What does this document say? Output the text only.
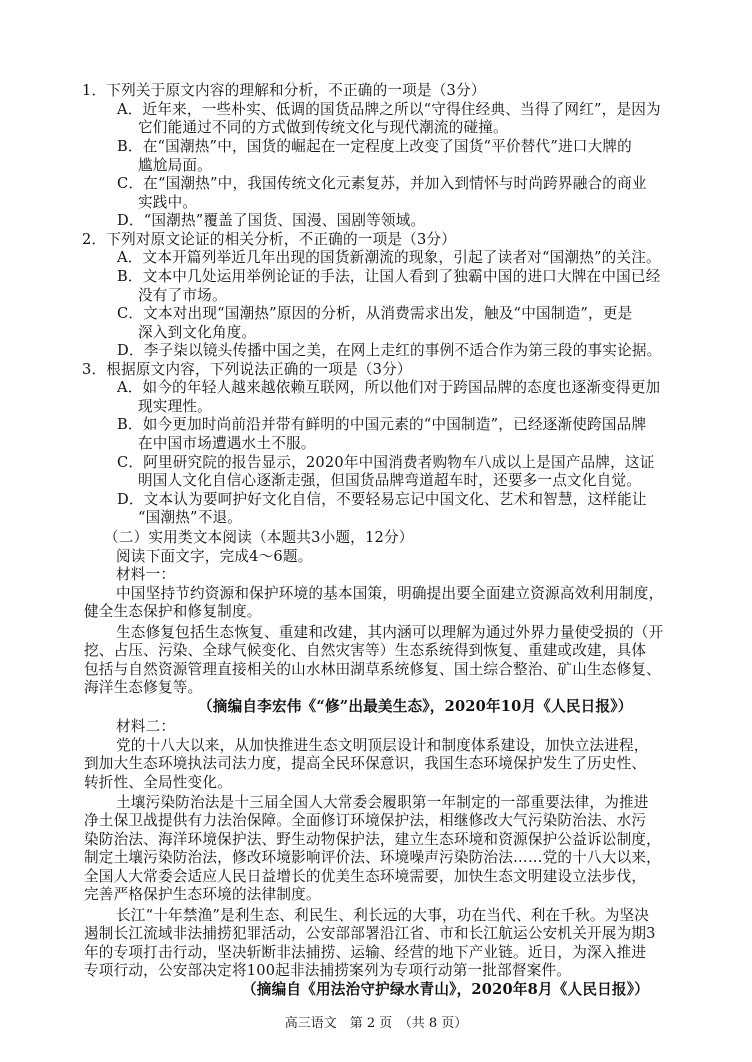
1．下列关于原文内容的理解和分析，不正确的一项是（3分）
A．近年来，一些朴实、低调的国货品牌之所以“守得住经典、当得了网红”，是因为
它们能通过不同的方式做到传统文化与现代潮流的碰撞。
B．在“国潮热”中，国货的崛起在一定程度上改变了国货“平价替代”进口大牌的
尴尬局面。
C．在“国潮热”中，我国传统文化元素复苏，并加入到情怀与时尚跨界融合的商业
实践中。
D．“国潮热”覆盖了国货、国漫、国剧等领域。
2．下列对原文论证的相关分析，不正确的一项是（3分）
A．文本开篇列举近几年出现的国货新潮流的现象，引起了读者对“国潮热”的关注。
B．文本中几处运用举例论证的手法，让国人看到了独霸中国的进口大牌在中国已经
没有了市场。
C．文本对出现“国潮热”原因的分析，从消费需求出发，触及“中国制造”，更是
深入到文化角度。
D．李子柒以镜头传播中国之美，在网上走红的事例不适合作为第三段的事实论据。
3．根据原文内容，下列说法正确的一项是（3分）
A．如今的年轻人越来越依赖互联网，所以他们对于跨国品牌的态度也逐渐变得更加
现实理性。
B．如今更加时尚前沿并带有鲜明的中国元素的“中国制造”，已经逐渐使跨国品牌
在中国市场遭遇水土不服。
C．阿里研究院的报告显示，2020年中国消费者购物车八成以上是国产品牌，这证
明国人文化自信心逐渐走强，但国货品牌弯道超车时，还要多一点文化自觉。
D．文本认为要呵护好文化自信，不要轻易忘记中国文化、艺术和智慧，这样能让
“国潮热”不退。
（二）实用类文本阅读（本题共3小题，12分）
阅读下面文字，完成4～6题。
材料一：
中国坚持节约资源和保护环境的基本国策，明确提出要全面建立资源高效利用制度，
健全生态保护和修复制度。
生态修复包括生态恢复、重建和改建，其内涵可以理解为通过外界力量使受损的（开
挖、占压、污染、全球气候变化、自然灾害等）生态系统得到恢复、重建或改建，具体
包括与自然资源管理直接相关的山水林田湖草系统修复、国土综合整治、矿山生态修复、
海洋生态修复等。
（摘编自李宏伟《“修”出最美生态》，2020年10月《人民日报》）
材料二：
党的十八大以来，从加快推进生态文明顶层设计和制度体系建设，加快立法进程，
到加大生态环境执法司法力度，提高全民环保意识，我国生态环境保护发生了历史性、
转折性、全局性变化。
土壤污染防治法是十三届全国人大常委会履职第一年制定的一部重要法律，为推进
净土保卫战提供有力法治保障。全面修订环境保护法，相继修改大气污染防治法、水污
染防治法、海洋环境保护法、野生动物保护法，建立生态环境和资源保护公益诉讼制度，
制定土壤污染防治法，修改环境影响评价法、环境噪声污染防治法……党的十八大以来，
全国人大常委会适应人民日益增长的优美生态环境需要，加快生态文明建设立法步伐，
完善严格保护生态环境的法律制度。
长江“十年禁渔”是利生态、利民生、利长远的大事，功在当代、利在千秋。为坚决
遏制长江流域非法捕捞犯罪活动，公安部部署沿江省、市和长江航运公安机关开展为期3
年的专项打击行动，坚决斩断非法捕捞、运输、经营的地下产业链。近日，为深入推进
专项行动，公安部决定将100起非法捕捞案列为专项行动第一批部督案件。
（摘编自《用法治守护绿水青山》，2020年8月《人民日报》）
高三语文　第 2 页　（共 8 页）
